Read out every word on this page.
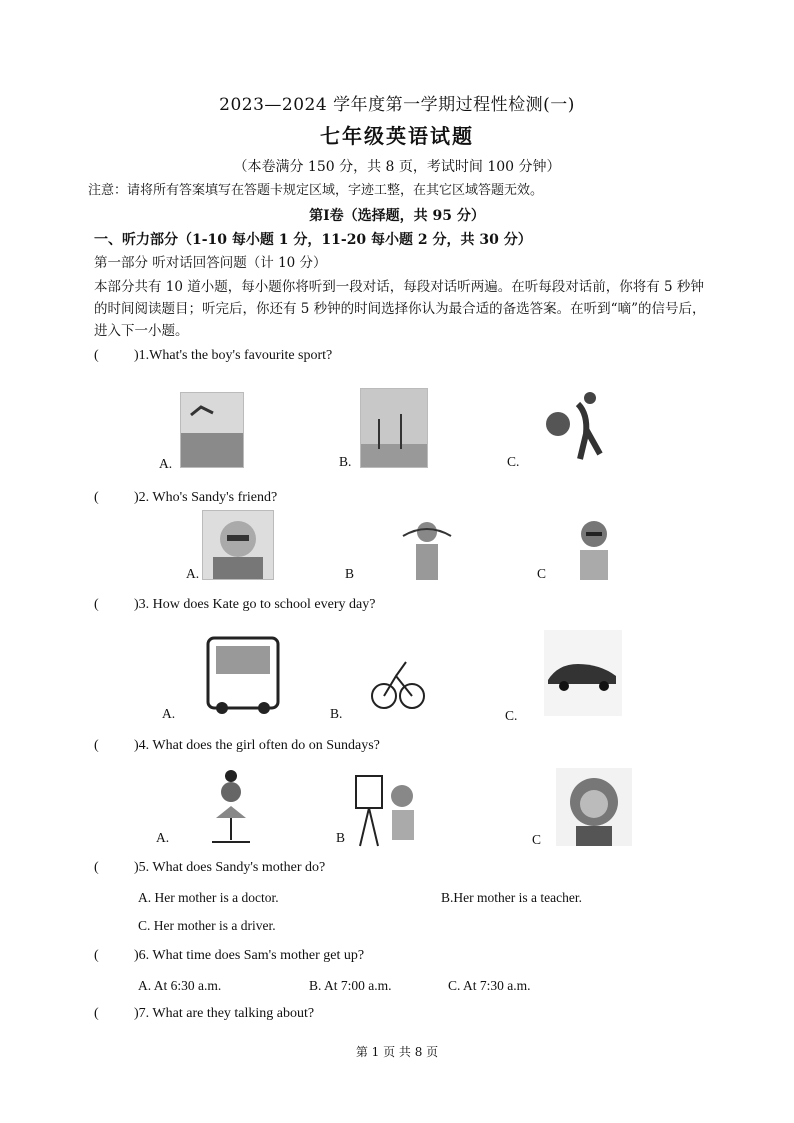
2023—2024 学年度第一学期过程性检测(一)
七年级英语试题
（本卷满分 150 分，共 8 页，考试时间 100 分钟）
注意：请将所有答案填写在答题卡规定区域，字迹工整，在其它区域答题无效。
第Ⅰ卷（选择题，共 95 分）
一、听力部分（1-10 每小题 1 分，11-20 每小题 2 分，共 30 分）
第一部分 听对话回答问题（计 10 分）
本部分共有 10 道小题，每小题你将听到一段对话，每段对话听两遍。在听每段对话前，你将有 5 秒钟的时间阅读题目；听完后，你还有 5 秒钟的时间选择你认为最合适的备选答案。在听到“嘀”的信号后，进入下一小题。
(	)1.What's the boy's favourite sport?
A.	B.	C.
(	)2. Who's Sandy's friend?
A.	B	C
(	)3. How does Kate go to school every day?
A.	B.	C.
(	)4. What does the girl often do on Sundays?
A.	B	C
(	)5. What does Sandy's mother do?
A. Her mother is a doctor.	B.Her mother is a teacher.
C. Her mother is a driver.
(	)6. What time does Sam's mother get up?
A. At 6:30 a.m.	B. At 7:00 a.m.	C. At 7:30 a.m.
(	)7. What are they talking about?
第 1 页 共 8 页
